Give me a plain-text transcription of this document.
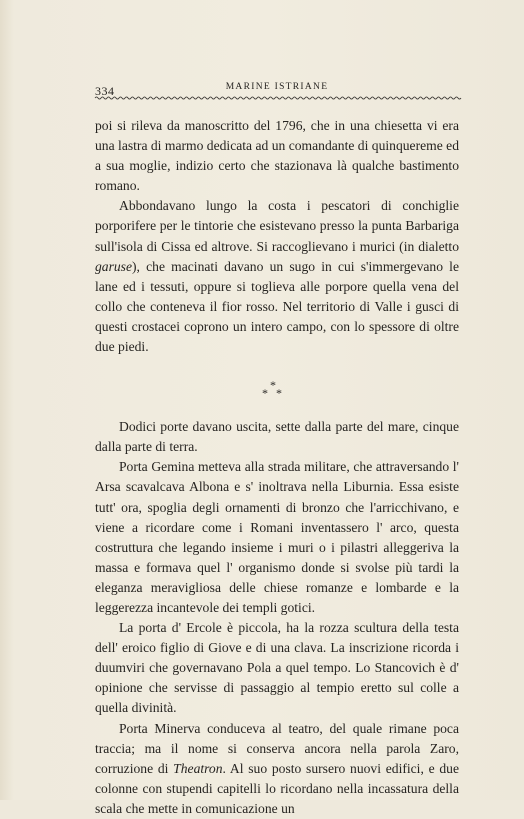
334	MARINE ISTRIANE

poi si rileva da manoscritto del 1796, che in una chiesetta vi era una lastra di marmo dedicata ad un comandante di quinquereme ed a sua moglie, indizio certo che stazionava là qualche bastimento romano.

Abbondavano lungo la costa i pescatori di conchiglie porporifere per le tintorie che esistevano presso la punta Barbariga sull'isola di Cissa ed altrove. Si raccoglievano i murici (in dialetto garuse), che macinati davano un sugo in cui s'immergevano le lane ed i tessuti, oppure si toglieva alle porpore quella vena del collo che conteneva il fior rosso. Nel territorio di Valle i gusci di questi crostacei coprono un intero campo, con lo spessore di oltre due piedi.

*
* *

Dodici porte davano uscita, sette dalla parte del mare, cinque dalla parte di terra.

Porta Gemina metteva alla strada militare, che attraversando l' Arsa scavalcava Albona e s' inoltrava nella Liburnia. Essa esiste tutt' ora, spoglia degli ornamenti di bronzo che l'arricchivano, e viene a ricordare come i Romani inventassero l' arco, questa costruttura che legando insieme i muri o i pilastri alleggeriva la massa e formava quel l' organismo donde si svolse più tardi la eleganza meravigliosa delle chiese romanze e lombarde e la leggerezza incantevole dei templi gotici.

La porta d' Ercole è piccola, ha la rozza scultura della testa dell' eroico figlio di Giove e di una clava. La inscrizione ricorda i duumviri che governavano Pola a quel tempo. Lo Stancovich è d' opinione che servisse di passaggio al tempio eretto sul colle a quella divinità.

Porta Minerva conduceva al teatro, del quale rimane poca traccia; ma il nome si conserva ancora nella parola Zaro, corruzione di Theatron. Al suo posto sursero nuovi edifici, e due colonne con stupendi capitelli lo ricordano nella incassatura della scala che mette in comunicazione un
